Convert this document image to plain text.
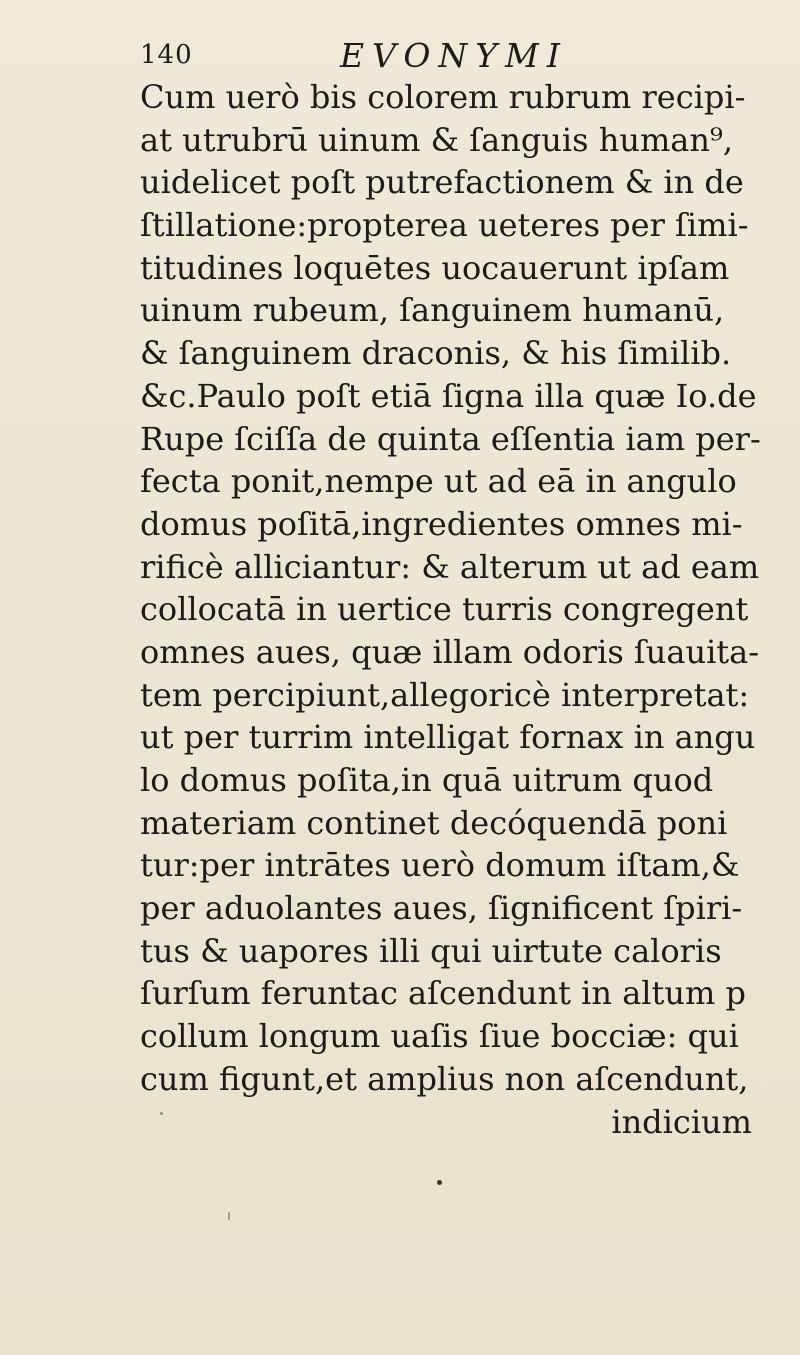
140	EVONYMI
Cum uerò bis colorem rubrum recipi-
at utrubrū uinum & ſanguis human⁹,
uidelicet poſt putrefactionem & in de
ſtillatione:propterea ueteres per ſimi-
titudines loquētes uocauerunt ipſam
uinum rubeum, ſanguinem humanū,
& ſanguinem draconis, & his ſimilib.
&c.Paulo poſt etiā ſigna illa quæ Io.de
Rupe ſciſſa de quinta eſſentia iam per-
fecta ponit,nempe ut ad eā in angulo
domus poſitā,ingredientes omnes mi-
rificè alliciantur: & alterum ut ad eam
collocatā in uertice turris congregent
omnes aues, quæ illam odoris ſuauita-
tem percipiunt,allegoricè interpretat:
ut per turrim intelligat fornax in angu
lo domus poſita,in quā uitrum quod
materiam continet decóquendā poni
tur:per intrātes uerò domum iſtam,&
per aduolantes aues, ſignificent ſpiri-
tus & uapores illi qui uirtute caloris
ſurſum feruntac aſcendunt in altum p
collum longum uaſis ſiue bocciæ: qui
cum figunt,et amplius non aſcendunt,
indicium
